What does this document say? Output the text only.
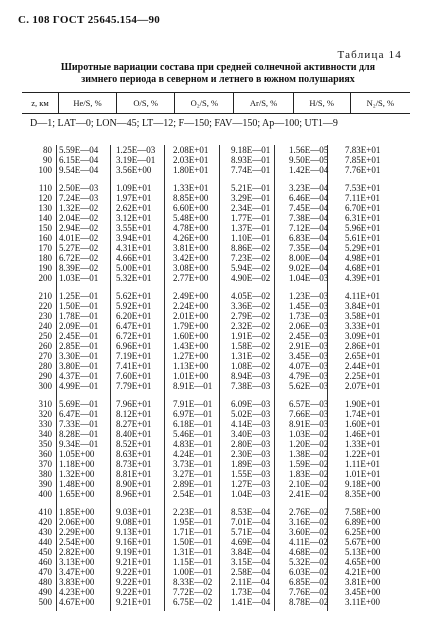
С. 108 ГОСТ 25645.154—90
Таблица 14
Широтные вариации состава при средней солнечной активности для
зимнего периода в северном и летнего в южном полушариях
z, км	He/S, %	O/S, %	O₂/S, %	Ar/S, %	H/S, %	N₂/S, %
D—1; LAT—0; LON—45; LT—12; F—150; FAV—150; Ap—100; UT1—9
80 5.59E—04	1.25E—03	2.08E+01	9.18E—01	1.56E—05	7.83E+01
90 6.15E—04	3.19E—01	2.03E+01	8.93E—01	9.50E—05	7.85E+01
100 9.54E—04	3.56E+00	1.80E+01	7.74E—01	1.42E—04	7.76E+01
110 2.50E—03	1.09E+01	1.33E+01	5.21E—01	3.23E—04	7.53E+01
120 7.24E—03	1.97E+01	8.85E+00	3.29E—01	6.46E—04	7.11E+01
130 1.32E—02	2.62E+01	6.60E+00	2.34E—01	7.45E—04	6.70E+01
140 2.04E—02	3.12E+01	5.48E+00	1.77E—01	7.38E—04	6.31E+01
150 2.94E—02	3.55E+01	4.78E+00	1.37E—01	7.12E—04	5.96E+01
160 4.01E—02	3.94E+01	4.26E+00	1.10E—01	6.83E—04	5.61E+01
170 5.27E—02	4.31E+01	3.81E+00	8.86E—02	7.35E—04	5.29E+01
180 6.72E—02	4.66E+01	3.42E+00	7.23E—02	8.00E—04	4.98E+01
190 8.39E—02	5.00E+01	3.08E+00	5.94E—02	9.02E—04	4.68E+01
200 1.03E—01	5.32E+01	2.77E+00	4.90E—02	1.04E—03	4.39E+01
210 1.25E—01	5.62E+01	2.49E+00	4.05E—02	1.23E—03	4.11E+01
220 1.50E—01	5.92E+01	2.24E+00	3.36E—02	1.45E—03	3.84E+01
230 1.78E—01	6.20E+01	2.01E+00	2.79E—02	1.73E—03	3.58E+01
240 2.09E—01	6.47E+01	1.79E+00	2.32E—02	2.06E—03	3.33E+01
250 2.45E—01	6.72E+01	1.60E+00	1.91E—02	2.45E—03	3.09E+01
260 2.85E—01	6.96E+01	1.43E+00	1.58E—02	2.91E—03	2.86E+01
270 3.30E—01	7.19E+01	1.27E+00	1.31E—02	3.45E—03	2.65E+01
280 3.80E—01	7.41E+01	1.13E+00	1.08E—02	4.07E—03	2.44E+01
290 4.37E—01	7.60E+01	1.01E+00	8.94E—03	4.79E—03	2.25E+01
300 4.99E—01	7.79E+01	8.91E—01	7.38E—03	5.62E—03	2.07E+01
310 5.69E—01	7.96E+01	7.91E—01	6.09E—03	6.57E—03	1.90E+01
320 6.47E—01	8.12E+01	6.97E—01	5.02E—03	7.66E—03	1.74E+01
330 7.33E—01	8.27E+01	6.18E—01	4.14E—03	8.91E—03	1.60E+01
340 8.28E—01	8.40E+01	5.46E—01	3.40E—03	1.03E—02	1.46E+01
350 9.34E—01	8.52E+01	4.83E—01	2.80E—03	1.20E—02	1.33E+01
360 1.05E+00	8.63E+01	4.24E—01	2.30E—03	1.38E—02	1.22E+01
370 1.18E+00	8.73E+01	3.73E—01	1.89E—03	1.59E—02	1.11E+01
380 1.32E+00	8.81E+01	3.27E—01	1.55E—03	1.83E—02	1.01E+01
390 1.48E+00	8.90E+01	2.89E—01	1.27E—03	2.10E—02	9.18E+00
400 1.65E+00	8.96E+01	2.54E—01	1.04E—03	2.41E—02	8.35E+00
410 1.85E+00	9.03E+01	2.23E—01	8.53E—04	2.76E—02	7.58E+00
420 2.06E+00	9.08E+01	1.95E—01	7.01E—04	3.16E—02	6.89E+00
430 2.29E+00	9.13E+01	1.71E—01	5.71E—04	3.60E—02	6.25E+00
440 2.54E+00	9.16E+01	1.50E—01	4.69E—04	4.11E—02	5.67E+00
450 2.82E+00	9.19E+01	1.31E—01	3.84E—04	4.68E—02	5.13E+00
460 3.13E+00	9.21E+01	1.15E—01	3.15E—04	5.32E—02	4.65E+00
470 3.47E+00	9.22E+01	1.00E—01	2.58E—04	6.03E—02	4.21E+00
480 3.83E+00	9.22E+01	8.33E—02	2.11E—04	6.85E—02	3.81E+00
490 4.23E+00	9.22E+01	7.72E—02	1.73E—04	7.76E—02	3.45E+00
500 4.67E+00	9.21E+01	6.75E—02	1.41E—04	8.78E—02	3.11E+00
